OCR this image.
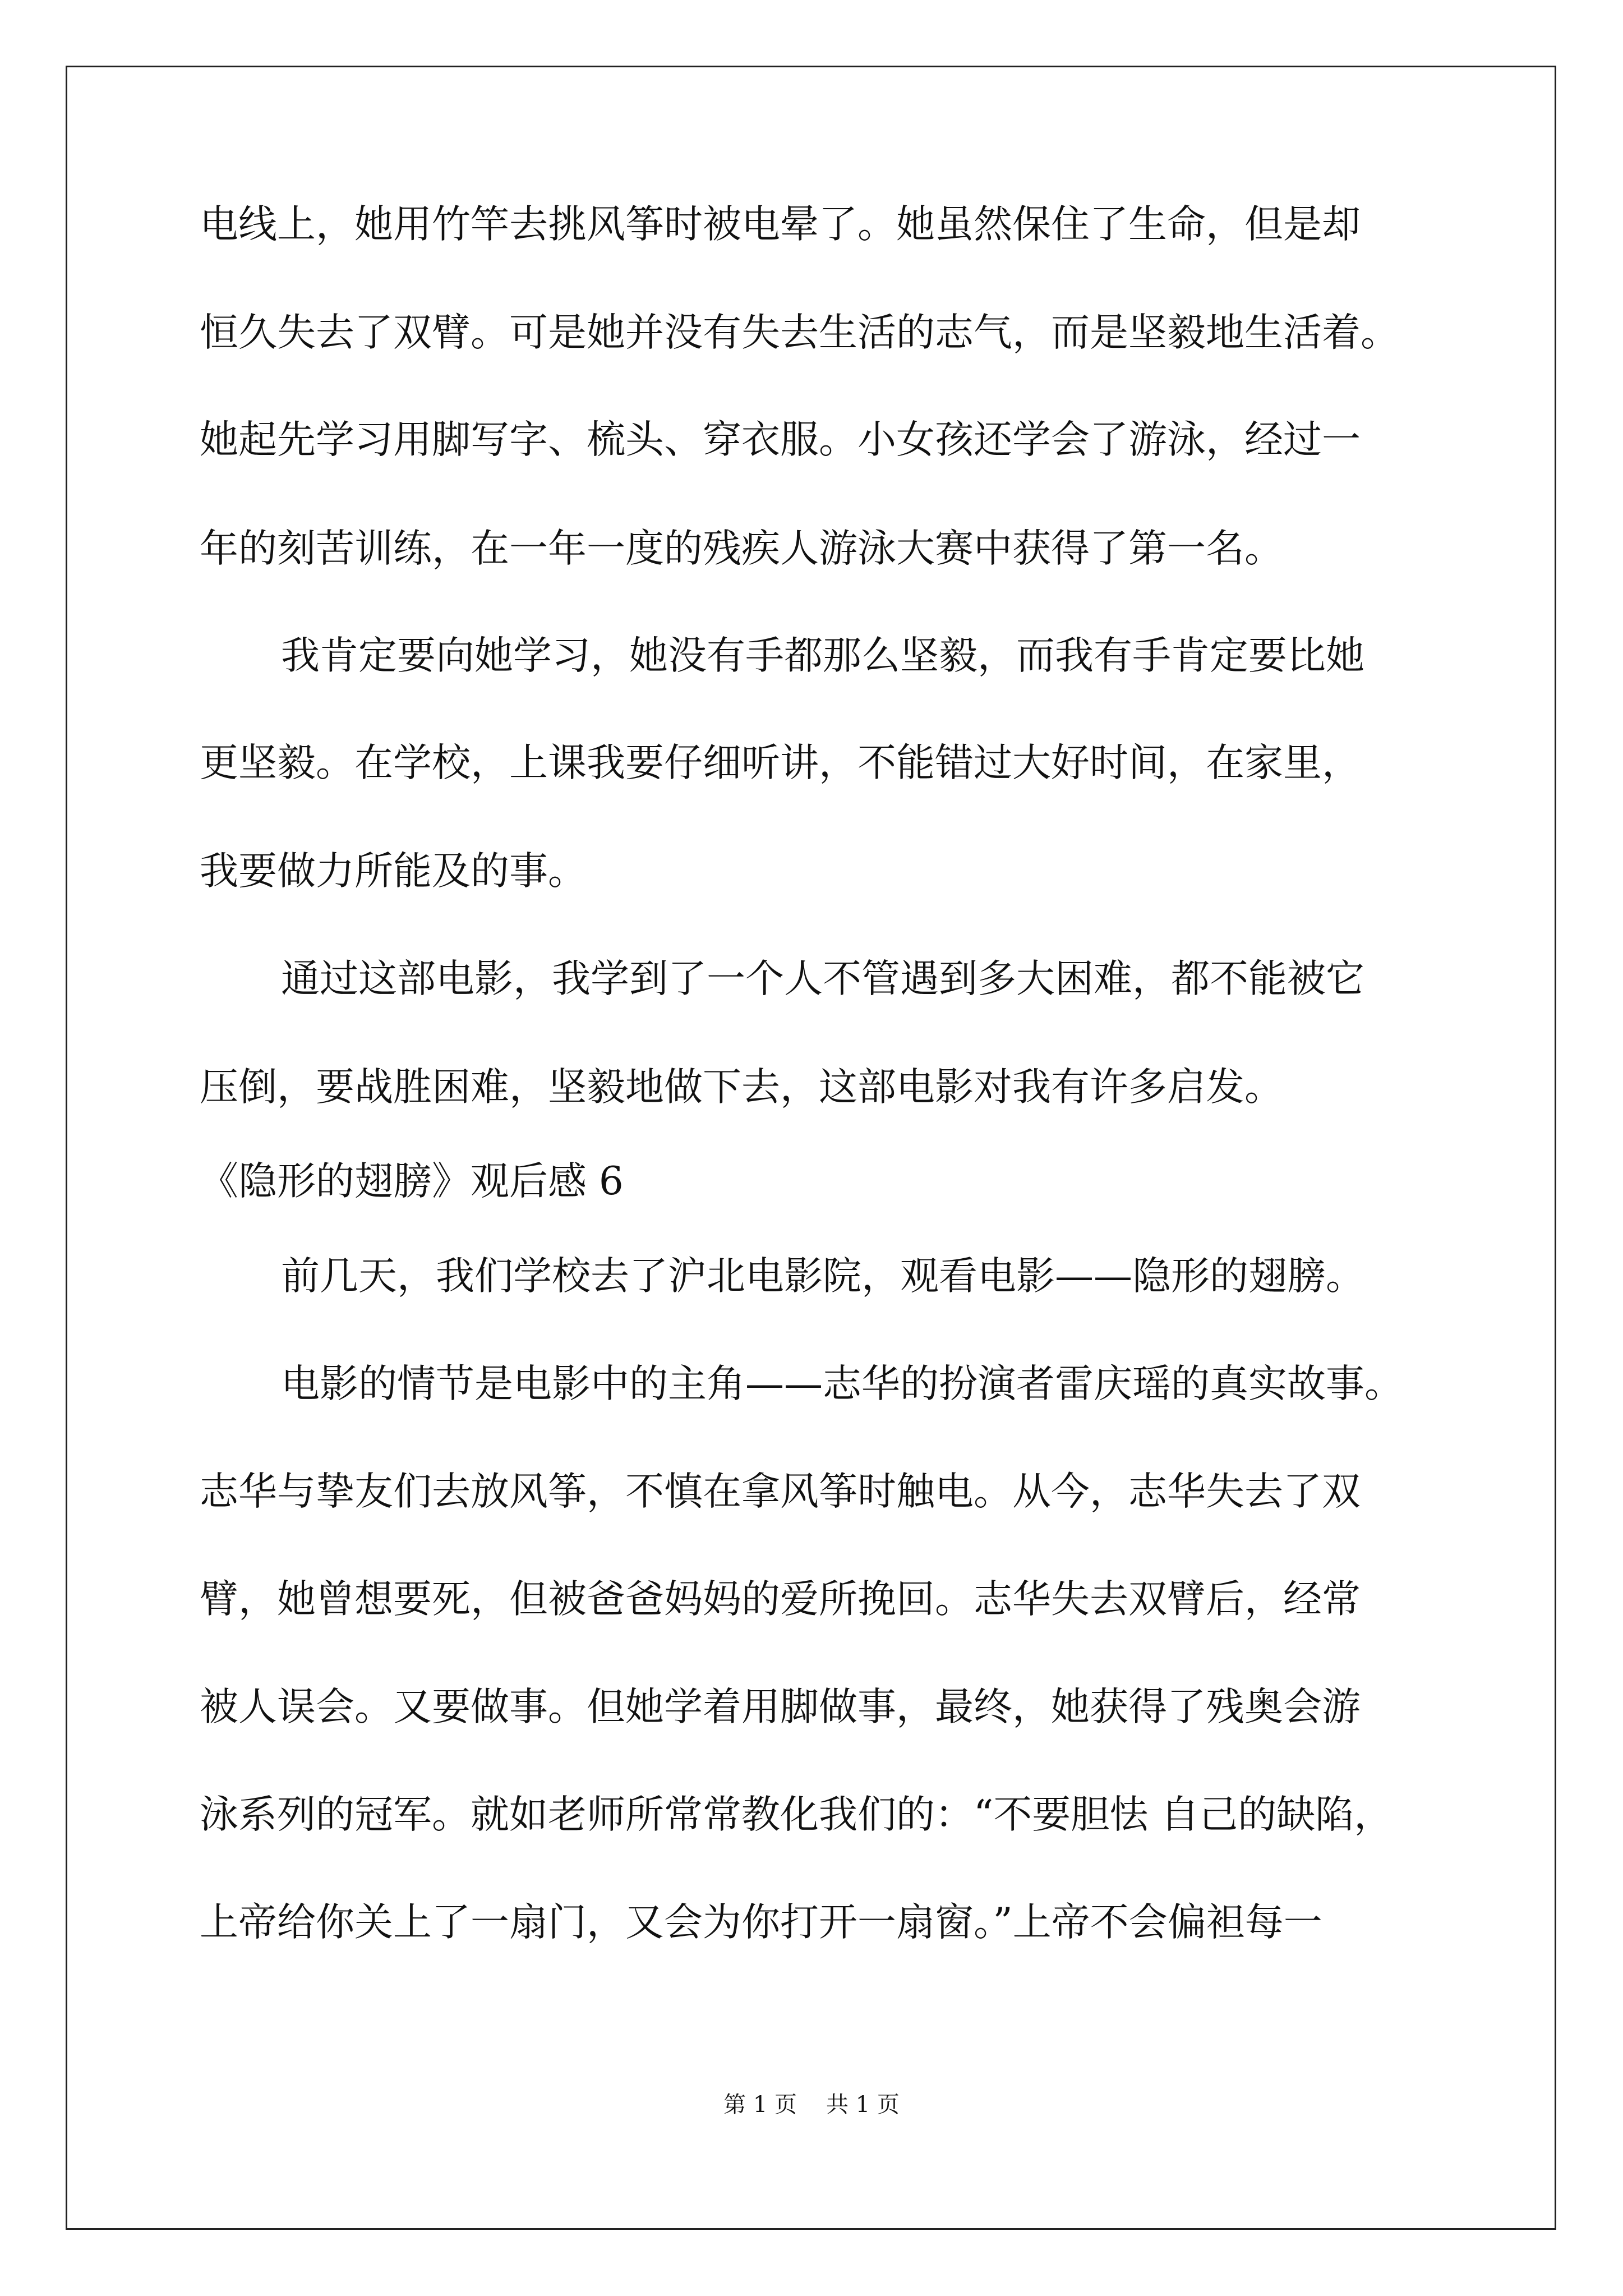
电线上，她用竹竿去挑风筝时被电晕了。她虽然保住了生命，但是却
恒久失去了双臂。可是她并没有失去生活的志气，而是坚毅地生活着。
她起先学习用脚写字、梳头、穿衣服。小女孩还学会了游泳，经过一
年的刻苦训练，在一年一度的残疾人游泳大赛中获得了第一名。
我肯定要向她学习，她没有手都那么坚毅，而我有手肯定要比她
更坚毅。在学校，上课我要仔细听讲，不能错过大好时间，在家里，
我要做力所能及的事。
通过这部电影，我学到了一个人不管遇到多大困难，都不能被它
压倒，要战胜困难，坚毅地做下去，这部电影对我有许多启发。
《隐形的翅膀》观后感 6
前几天，我们学校去了沪北电影院，观看电影——隐形的翅膀。
电影的情节是电影中的主角——志华的扮演者雷庆瑶的真实故事。
志华与挚友们去放风筝，不慎在拿风筝时触电。从今，志华失去了双
臂，她曾想要死，但被爸爸妈妈的爱所挽回。志华失去双臂后，经常
被人误会。又要做事。但她学着用脚做事，最终，她获得了残奥会游
泳系列的冠军。就如老师所常常教化我们的：“不要胆怯 自己的缺陷，
上帝给你关上了一扇门，又会为你打开一扇窗。”上帝不会偏袒每一
第 1 页 共 1 页
